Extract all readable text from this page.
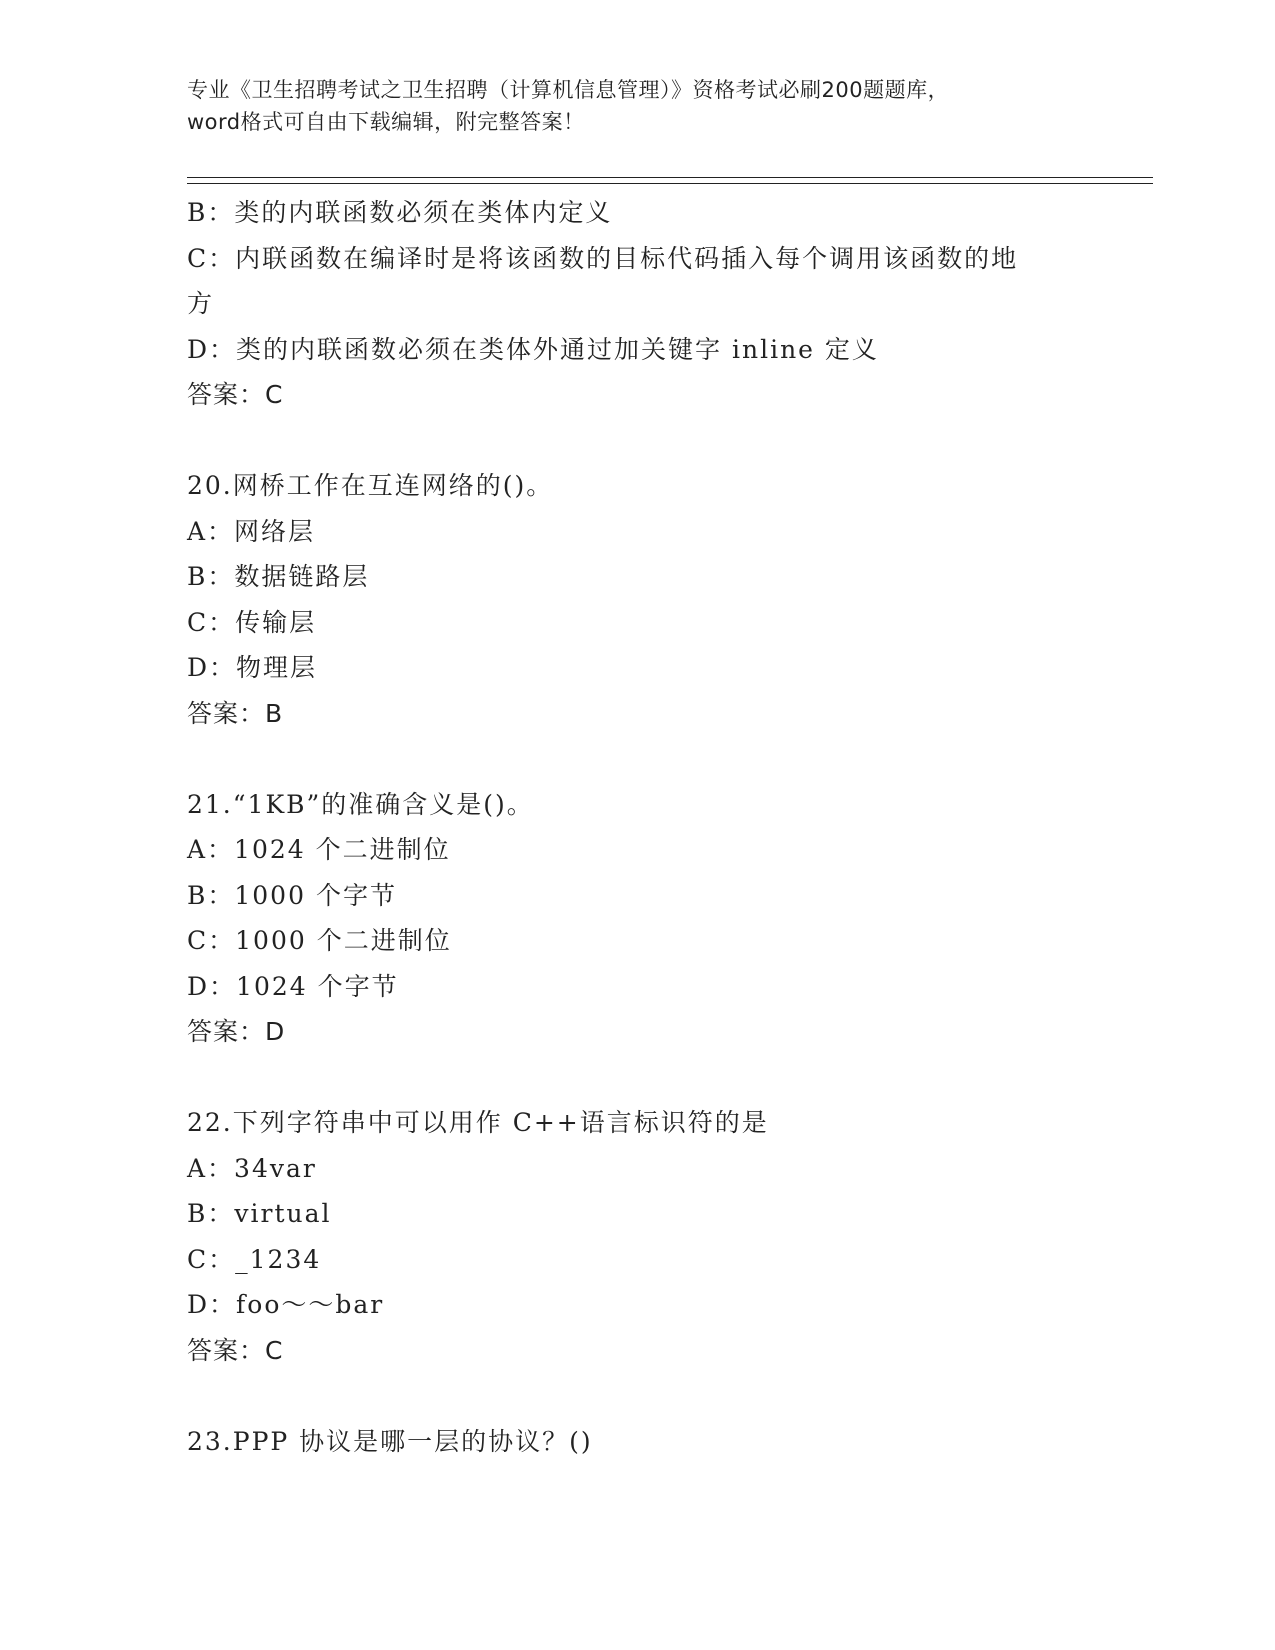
专业《卫生招聘考试之卫生招聘（计算机信息管理）》资格考试必刷200题题库，
word格式可自由下载编辑，附完整答案！
B：类的内联函数必须在类体内定义
C：内联函数在编译时是将该函数的目标代码插入每个调用该函数的地
方
D：类的内联函数必须在类体外通过加关键字 inline 定义
答案：C
20.网桥工作在互连网络的()。
A：网络层
B：数据链路层
C：传输层
D：物理层
答案：B
21.“1KB”的准确含义是()。
A：1024 个二进制位
B：1000 个字节
C：1000 个二进制位
D：1024 个字节
答案：D
22.下列字符串中可以用作 C++语言标识符的是
A：34var
B：virtual
C：_1234
D：foo～～bar
答案：C
23.PPP 协议是哪一层的协议？()
